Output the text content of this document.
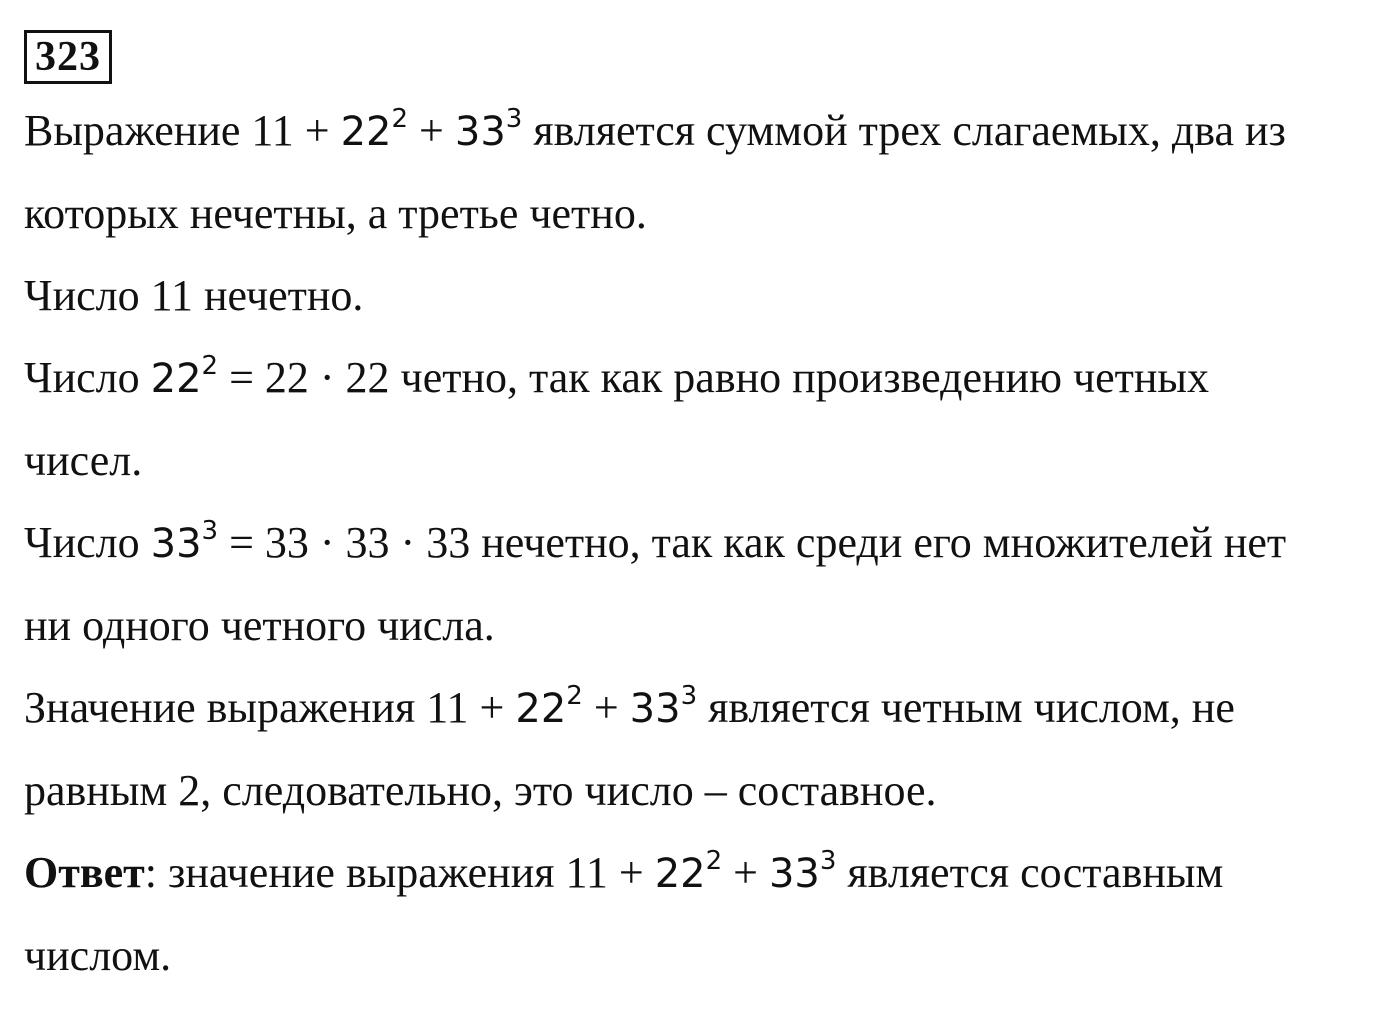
323

Выражение $11 + 22^2 + 33^3$ является суммой трех слагаемых, два из

которых нечетны, а третье четно.

Число 11 нечетно.

Число $22^2 = 22 \cdot 22$ четно, так как равно произведению четных

чисел.

Число $33^3 = 33 \cdot 33 \cdot 33$ нечетно, так как среди его множителей нет

ни одного четного числа.

Значение выражения $11 + 22^2 + 33^3$ является четным числом, не

равным 2, следовательно, это число – составное.

Ответ: значение выражения $11 + 22^2 + 33^3$ является составным

числом.
